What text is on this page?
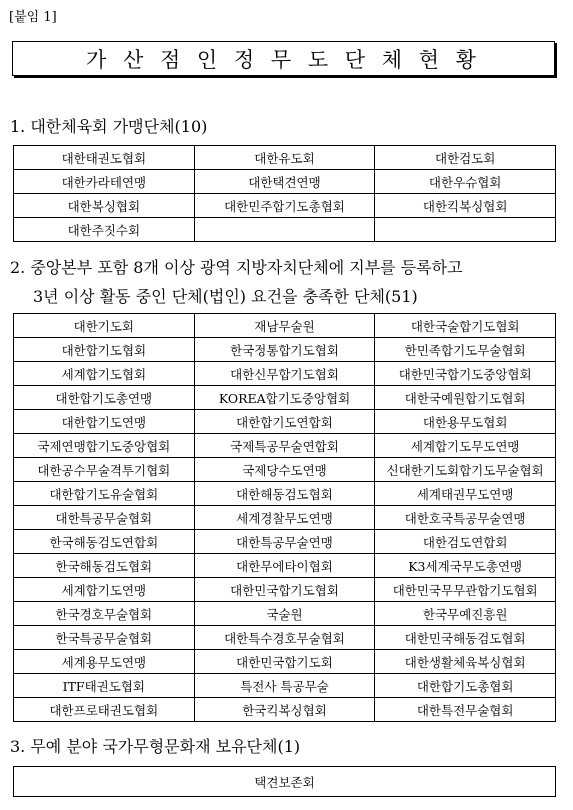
[붙임 1]
가 산 점 인 정 무 도 단 체 현 황
1. 대한체육회 가맹단체(10)
대한태권도협회	대한유도회	대한검도회
대한카라테연맹	대한택견연맹	대한우슈협회
대한복싱협회	대한민주합기도총협회	대한킥복싱협회
대한주짓수회		
2. 중앙본부 포함 8개 이상 광역 지방자치단체에 지부를 등록하고
3년 이상 활동 중인 단체(법인) 요건을 충족한 단체(51)
대한기도회	재남무술원	대한국술합기도협회
대한합기도협회	한국정통합기도협회	한민족합기도무술협회
세계합기도협회	대한신무합기도협회	대한민국합기도중앙협회
대한합기도총연맹	KOREA합기도중앙협회	대한국예원합기도협회
대한합기도연맹	대한합기도연합회	대한용무도협회
국제연맹합기도중앙협회	국제특공무술연합회	세계합기도무도연맹
대한공수무술격투기협회	국제당수도연맹	신대한기도회합기도무술협회
대한합기도유술협회	대한해동검도협회	세계태권무도연맹
대한특공무술협회	세계경찰무도연맹	대한호국특공무술연맹
한국해동검도연합회	대한특공무술연맹	대한검도연합회
한국해동검도협회	대한무에타이협회	K3세계국무도총연맹
세계합기도연맹	대한민국합기도협회	대한민국무무관합기도협회
한국경호무술협회	국술원	한국무예진흥원
한국특공무술협회	대한특수경호무술협회	대한민국해동검도협회
세계용무도연맹	대한민국합기도회	대한생활체육복싱협회
ITF태권도협회	특전사 특공무술	대한합기도총협회
대한프로태권도협회	한국킥복싱협회	대한특전무술협회
3. 무예 분야 국가무형문화재 보유단체(1)
택견보존회
